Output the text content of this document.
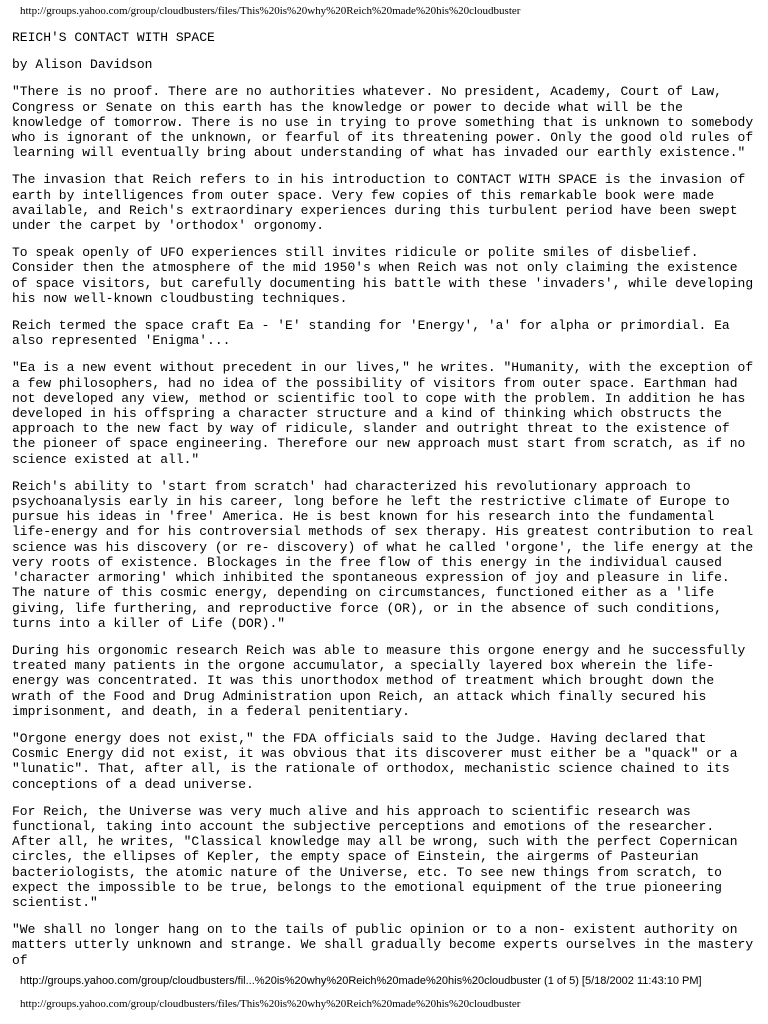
http://groups.yahoo.com/group/cloudbusters/files/This%20is%20why%20Reich%20made%20his%20cloudbuster
REICH'S CONTACT WITH SPACE
by Alison Davidson

"There is no proof. There are no authorities whatever. No president, Academy, Court of Law, Congress or Senate on this earth has the knowledge or power to decide what will be the knowledge of tomorrow. There is no use in trying to prove something that is unknown to somebody who is ignorant of the unknown, or fearful of its threatening power. Only the good old rules of learning will eventually bring about understanding of what has invaded our earthly existence."

The invasion that Reich refers to in his introduction to CONTACT WITH SPACE is the invasion of earth by intelligences from outer space. Very few copies of this remarkable book were made available, and Reich's extraordinary experiences during this turbulent period have been swept under the carpet by 'orthodox' orgonomy.

To speak openly of UFO experiences still invites ridicule or polite smiles of disbelief. Consider then the atmosphere of the mid 1950's when Reich was not only claiming the existence of space visitors, but carefully documenting his battle with these 'invaders', while developing his now well-known cloudbusting techniques.

Reich termed the space craft Ea - 'E' standing for 'Energy', 'a' for alpha or primordial. Ea also represented 'Enigma'...

"Ea is a new event without precedent in our lives," he writes. "Humanity, with the exception of a few philosophers, had no idea of the possibility of visitors from outer space. Earthman had not developed any view, method or scientific tool to cope with the problem. In addition he has developed in his offspring a character structure and a kind of thinking which obstructs the approach to the new fact by way of ridicule, slander and outright threat to the existence of the pioneer of space engineering. Therefore our new approach must start from scratch, as if no science existed at all."

Reich's ability to 'start from scratch' had characterized his revolutionary approach to psychoanalysis early in his career, long before he left the restrictive climate of Europe to pursue his ideas in 'free' America. He is best known for his research into the fundamental life-energy and for his controversial methods of sex therapy. His greatest contribution to real science was his discovery (or re- discovery) of what he called 'orgone', the life energy at the very roots of existence. Blockages in the free flow of this energy in the individual caused 'character armoring' which inhibited the spontaneous expression of joy and pleasure in life. The nature of this cosmic energy, depending on circumstances, functioned either as a 'life giving, life furthering, and reproductive force (OR), or in the absence of such conditions, turns into a killer of Life (DOR)."

During his orgonomic research Reich was able to measure this orgone energy and he successfully treated many patients in the orgone accumulator, a specially layered box wherein the life-energy was concentrated. It was this unorthodox method of treatment which brought down the wrath of the Food and Drug Administration upon Reich, an attack which finally secured his imprisonment, and death, in a federal penitentiary.

"Orgone energy does not exist," the FDA officials said to the Judge. Having declared that Cosmic Energy did not exist, it was obvious that its discoverer must either be a "quack" or a "lunatic". That, after all, is the rationale of orthodox, mechanistic science chained to its conceptions of a dead universe.

For Reich, the Universe was very much alive and his approach to scientific research was functional, taking into account the subjective perceptions and emotions of the researcher. After all, he writes, "Classical knowledge may all be wrong, such with the perfect Copernican circles, the ellipses of Kepler, the empty space of Einstein, the airgerms of Pasteurian bacteriologists, the atomic nature of the Universe, etc. To see new things from scratch, to expect the impossible to be true, belongs to the emotional equipment of the true pioneering scientist."

"We shall no longer hang on to the tails of public opinion or to a non- existent authority on matters utterly unknown and strange. We shall gradually become experts ourselves in the mastery of

http://groups.yahoo.com/group/cloudbusters/fil...%20is%20why%20Reich%20made%20his%20cloudbuster (1 of 5) [5/18/2002 11:43:10 PM]
http://groups.yahoo.com/group/cloudbusters/files/This%20is%20why%20Reich%20made%20his%20cloudbuster
